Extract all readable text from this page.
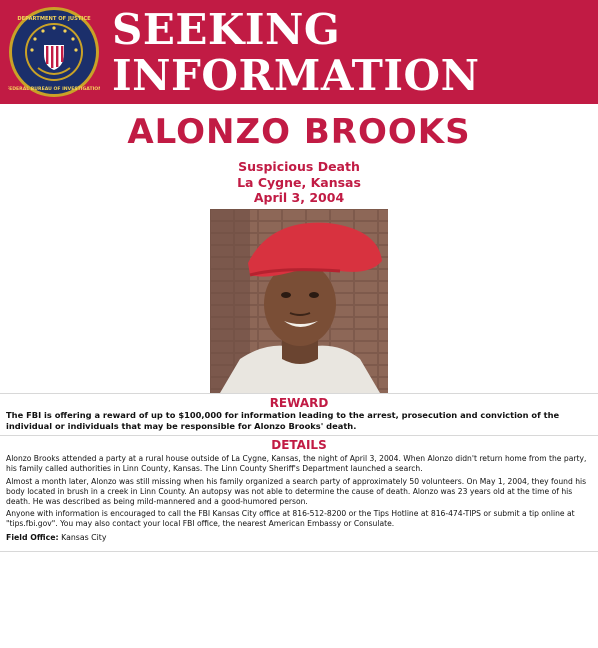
DEPARTMENT OF JUSTICE
FEDERAL BUREAU OF INVESTIGATION
SEEKING
INFORMATION
ALONZO BROOKS
Suspicious Death
La Cygne, Kansas
April 3, 2004
REWARD
The FBI is offering a reward of up to $100,000 for information leading to the arrest, prosecution and conviction of the individual or individuals that may be responsible for Alonzo Brooks' death.
DETAILS
Alonzo Brooks attended a party at a rural house outside of La Cygne, Kansas, the night of April 3, 2004. When Alonzo didn't return home from the party, his family called authorities in Linn County, Kansas. The Linn County Sheriff's Department launched a search.
Almost a month later, Alonzo was still missing when his family organized a search party of approximately 50 volunteers. On May 1, 2004, they found his body located in brush in a creek in Linn County. An autopsy was not able to determine the cause of death. Alonzo was 23 years old at the time of his death. He was described as being mild-mannered and a good-humored person.
Anyone with information is encouraged to call the FBI Kansas City office at 816-512-8200 or the Tips Hotline at 816-474-TIPS or submit a tip online at "tips.fbi.gov". You may also contact your local FBI office, the nearest American Embassy or Consulate.
Field Office: Kansas City
